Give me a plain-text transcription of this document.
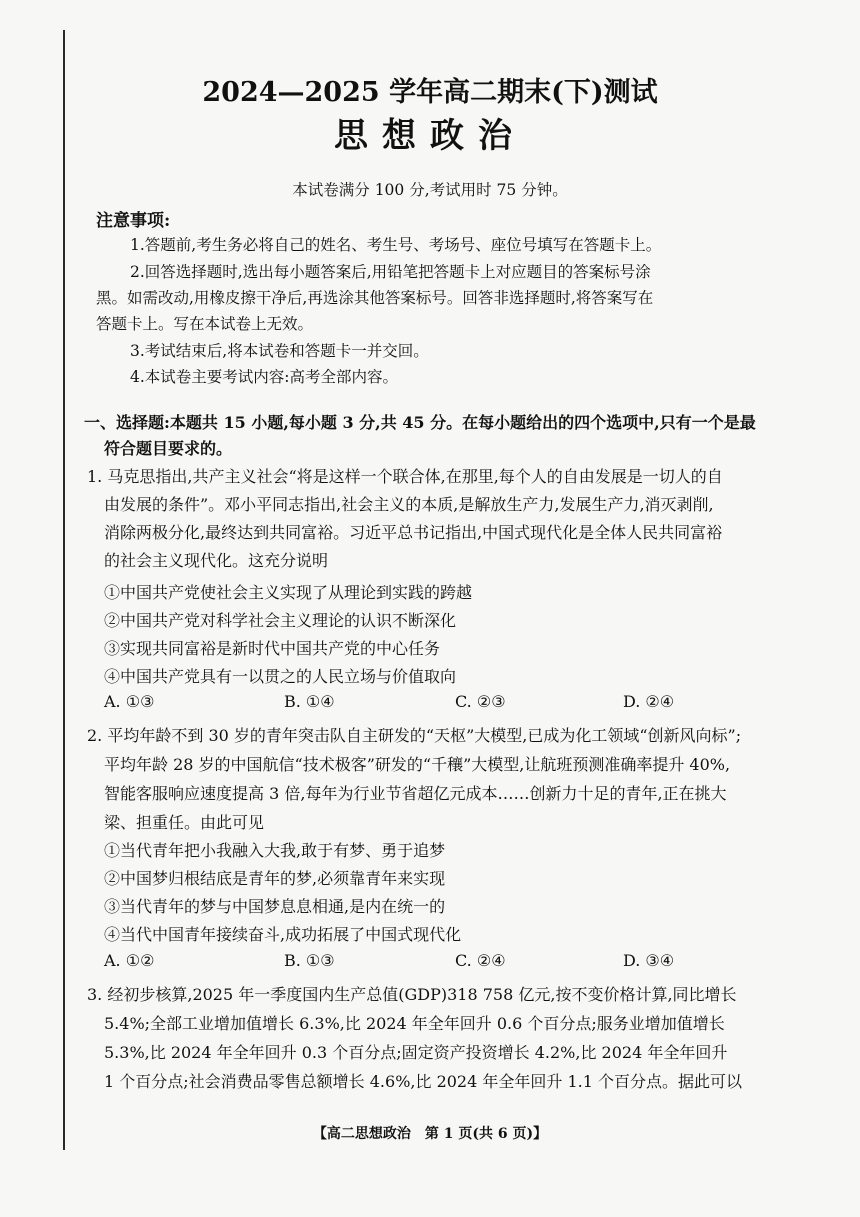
2024—2025 学年高二期末(下)测试
思想政治
本试卷满分 100 分,考试用时 75 分钟。
注意事项:
1.答题前,考生务必将自己的姓名、考生号、考场号、座位号填写在答题卡上。
2.回答选择题时,选出每小题答案后,用铅笔把答题卡上对应题目的答案标号涂
黑。如需改动,用橡皮擦干净后,再选涂其他答案标号。回答非选择题时,将答案写在
答题卡上。写在本试卷上无效。
3.考试结束后,将本试卷和答题卡一并交回。
4.本试卷主要考试内容:高考全部内容。
一、选择题:本题共 15 小题,每小题 3 分,共 45 分。在每小题给出的四个选项中,只有一个是最
符合题目要求的。
1. 马克思指出,共产主义社会“将是这样一个联合体,在那里,每个人的自由发展是一切人的自
由发展的条件”。邓小平同志指出,社会主义的本质,是解放生产力,发展生产力,消灭剥削,
消除两极分化,最终达到共同富裕。习近平总书记指出,中国式现代化是全体人民共同富裕
的社会主义现代化。这充分说明
①中国共产党使社会主义实现了从理论到实践的跨越
②中国共产党对科学社会主义理论的认识不断深化
③实现共同富裕是新时代中国共产党的中心任务
④中国共产党具有一以贯之的人民立场与价值取向
A. ①③	B. ①④	C. ②③	D. ②④
2. 平均年龄不到 30 岁的青年突击队自主研发的“天枢”大模型,已成为化工领域“创新风向标”;
平均年龄 28 岁的中国航信“技术极客”研发的“千穰”大模型,让航班预测准确率提升 40%,
智能客服响应速度提高 3 倍,每年为行业节省超亿元成本……创新力十足的青年,正在挑大
梁、担重任。由此可见
①当代青年把小我融入大我,敢于有梦、勇于追梦
②中国梦归根结底是青年的梦,必须靠青年来实现
③当代青年的梦与中国梦息息相通,是内在统一的
④当代中国青年接续奋斗,成功拓展了中国式现代化
A. ①②	B. ①③	C. ②④	D. ③④
3. 经初步核算,2025 年一季度国内生产总值(GDP)318 758 亿元,按不变价格计算,同比增长
5.4%;全部工业增加值增长 6.3%,比 2024 年全年回升 0.6 个百分点;服务业增加值增长
5.3%,比 2024 年全年回升 0.3 个百分点;固定资产投资增长 4.2%,比 2024 年全年回升
1 个百分点;社会消费品零售总额增长 4.6%,比 2024 年全年回升 1.1 个百分点。据此可以
【高二思想政治　第 1 页(共 6 页)】
